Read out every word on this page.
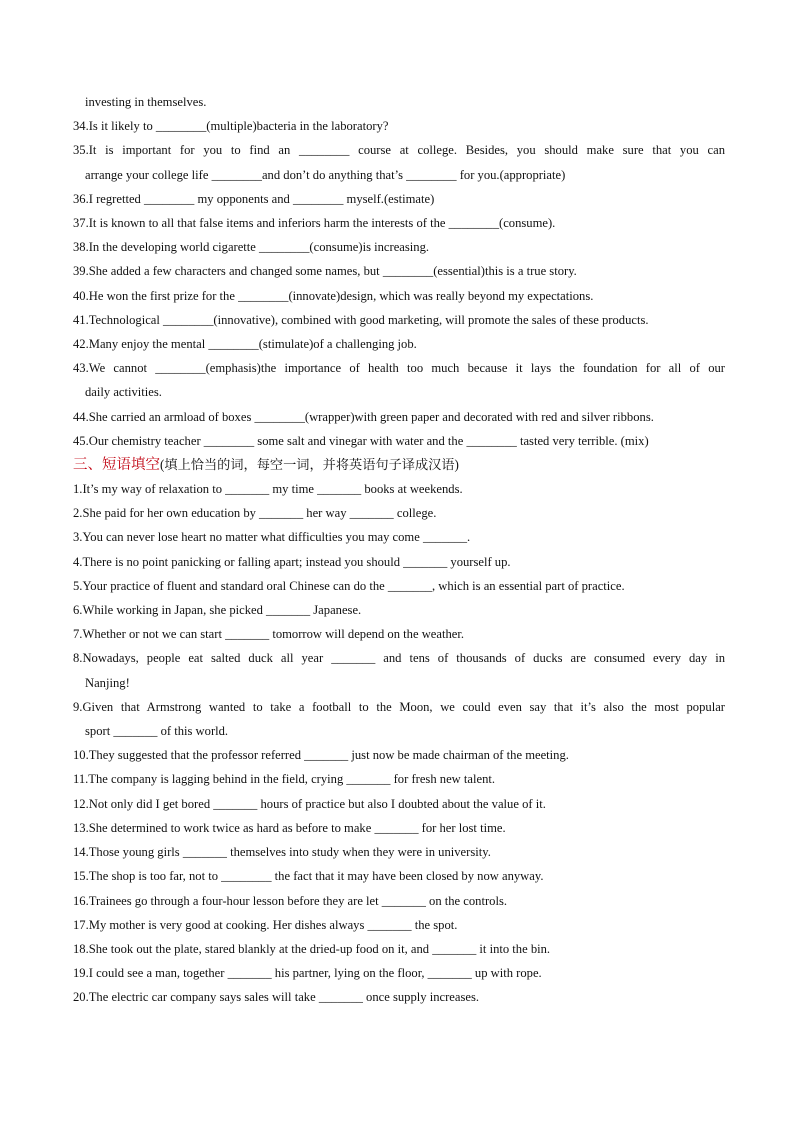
investing in themselves.
34.Is it likely to ________(multiple)bacteria in the laboratory?
35.It is important for you to find an ________ course at college. Besides, you should make sure that you can
arrange your college life ________and don’t do anything that’s ________ for you.(appropriate)
36.I regretted ________ my opponents and ________ myself.(estimate)
37.It is known to all that false items and inferiors harm the interests of the ________(consume).
38.In the developing world cigarette ________(consume)is increasing.
39.She added a few characters and changed some names, but ________(essential)this is a true story.
40.He won the first prize for the ________(innovate)design, which was really beyond my expectations.
41.Technological ________(innovative), combined with good marketing, will promote the sales of these products.
42.Many enjoy the mental ________(stimulate)of a challenging job.
43.We cannot ________(emphasis)the importance of health too much because it lays the foundation for all of our
daily activities.
44.She carried an armload of boxes ________(wrapper)with green paper and decorated with red and silver ribbons.
45.Our chemistry teacher ________ some salt and vinegar with water and the ________ tasted very terrible. (mix)
三、短语填空(填上恰当的词，每空一词，并将英语句子译成汉语)
1.It’s my way of relaxation to _______ my time _______ books at weekends.
2.She paid for her own education by _______ her way _______ college.
3.You can never lose heart no matter what difficulties you may come _______.
4.There is no point panicking or falling apart; instead you should _______ yourself up.
5.Your practice of fluent and standard oral Chinese can do the _______, which is an essential part of practice.
6.While working in Japan, she picked _______ Japanese.
7.Whether or not we can start _______ tomorrow will depend on the weather.
8.Nowadays, people eat salted duck all year _______ and tens of thousands of ducks are consumed every day in
Nanjing!
9.Given that Armstrong wanted to take a football to the Moon, we could even say that it’s also the most popular
sport _______ of this world.
10.They suggested that the professor referred _______ just now be made chairman of the meeting.
11.The company is lagging behind in the field, crying _______ for fresh new talent.
12.Not only did I get bored _______ hours of practice but also I doubted about the value of it.
13.She determined to work twice as hard as before to make _______ for her lost time.
14.Those young girls _______ themselves into study when they were in university.
15.The shop is too far, not to ________ the fact that it may have been closed by now anyway.
16.Trainees go through a four-hour lesson before they are let _______ on the controls.
17.My mother is very good at cooking. Her dishes always _______ the spot.
18.She took out the plate, stared blankly at the dried-up food on it, and _______ it into the bin.
19.I could see a man, together _______ his partner, lying on the floor, _______ up with rope.
20.The electric car company says sales will take _______ once supply increases.
